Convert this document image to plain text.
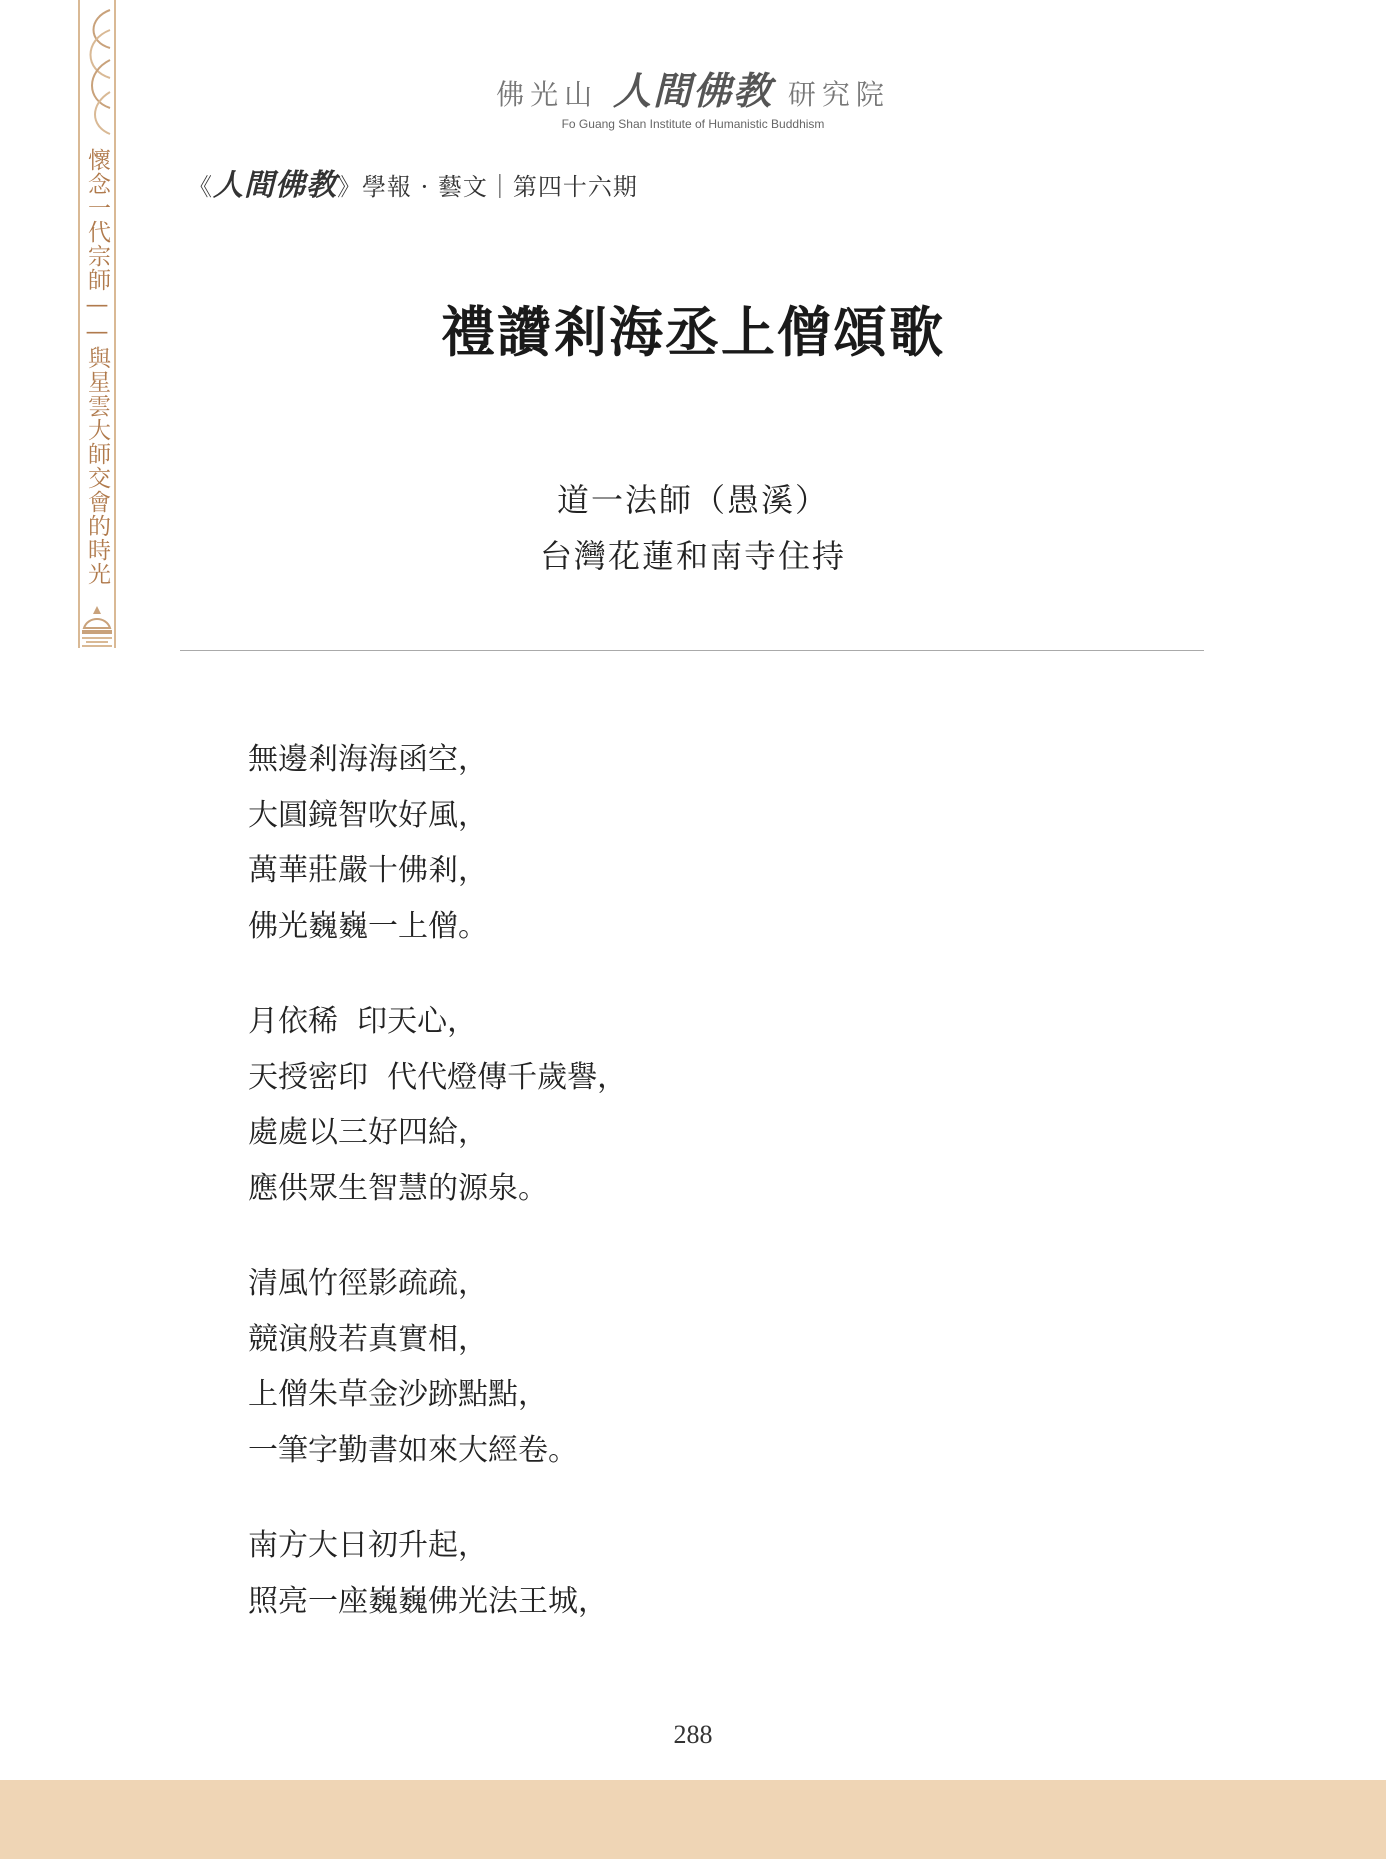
懷念一代宗師——與星雲大師交會的時光
佛光山 人間佛教 研究院
Fo Guang Shan Institute of Humanistic Buddhism
《人間佛教》學報 · 藝文｜第四十六期
禮讚剎海丞上僧頌歌
道一法師（愚溪）
台灣花蓮和南寺住持
無邊剎海海函空，
大圓鏡智吹好風，
萬華莊嚴十佛剎，
佛光巍巍一上僧。
月依稀  印天心，
天授密印  代代燈傳千歲譽，
處處以三好四給，
應供眾生智慧的源泉。
清風竹徑影疏疏，
競演般若真實相，
上僧朱草金沙跡點點，
一筆字勤書如來大經卷。
南方大日初升起，
照亮一座巍巍佛光法王城，
288
